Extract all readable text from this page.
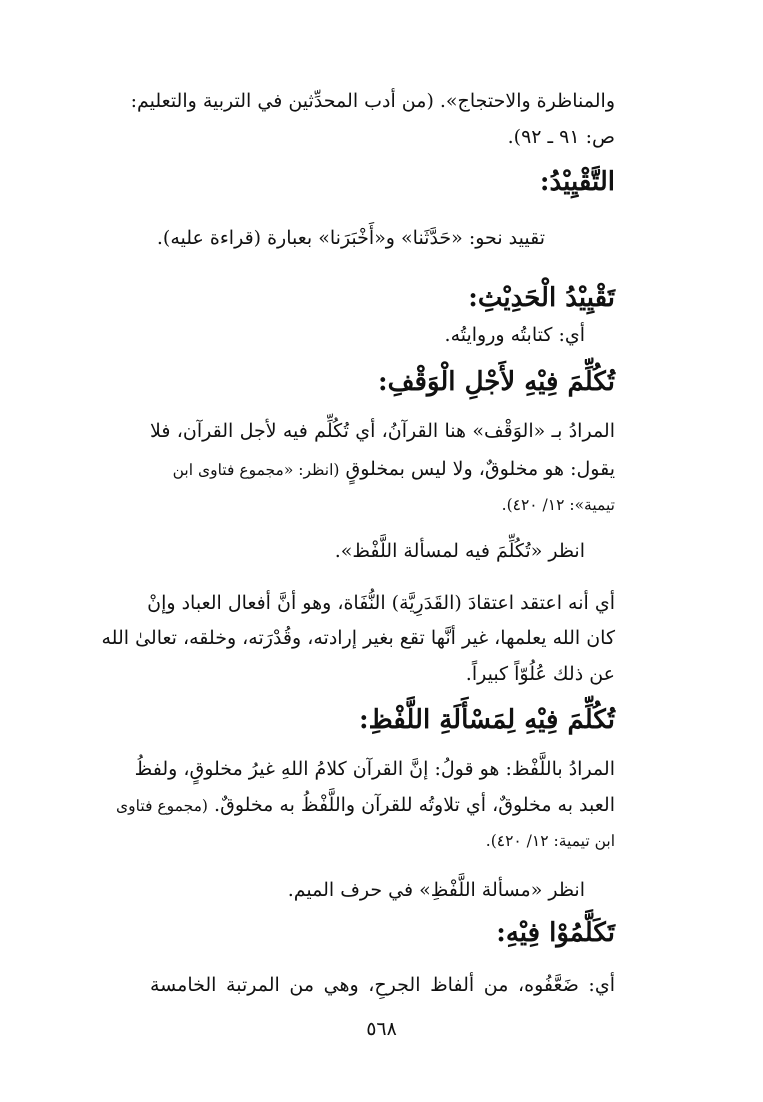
والمناظرة والاحتجاج». (من أدب المحدِّثين في التربية والتعليم:

ص: ٩١ ـ ٩٢).

التَّقْيِيْدُ:

تقييد نحو: «حَدَّثَنا» و«أَخْبَرَنا» بعبارة (قراءة عليه).

تَقْيِيْدُ الْحَدِيْثِ:

أي: كتابتُه وروايتُه.

تُكُلِّمَ فِيْهِ لأَجْلِ الْوَقْفِ:

المرادُ بـ «الوَقْف» هنا القرآنُ، أي تُكُلِّم فيه لأجل القرآن، فلا

يقول: هو مخلوقٌ، ولا ليس بمخلوقٍ (انظر: «مجموع فتاوى ابن

تيمية»: ١٢/ ٤٢٠).

انظر «تُكُلِّمَ فيه لمسألة اللَّفْظ».

أي أنه اعتقد اعتقادَ (القَدَرِيَّة) النُّفَاة، وهو أنَّ أفعال العباد وإنْ

كان الله يعلمها، غير أنَّها تقع بغير إرادته، وقُدْرَته، وخلقه، تعالىٰ الله

عن ذلك عُلُوّاً كبيراً.

تُكُلِّمَ فِيْهِ لِمَسْأَلَةِ اللَّفْظِ:

المرادُ باللَّفْظ: هو قولُ: إنَّ القرآن كلامُ اللهِ غيرُ مخلوقٍ، ولفظُ

العبد به مخلوقٌ، أي تلاوتُه للقرآن واللَّفْظُ به مخلوقٌ. (مجموع فتاوى

ابن تيمية: ١٢/ ٤٢٠).

انظر «مسألة اللَّفْظِ» في حرف الميم.

تَكَلَّمُوْا فِيْهِ:

أي: ضَعَّفُوه، من ألفاظ الجرحِ، وهي من المرتبة الخامسة

٥٦٨
